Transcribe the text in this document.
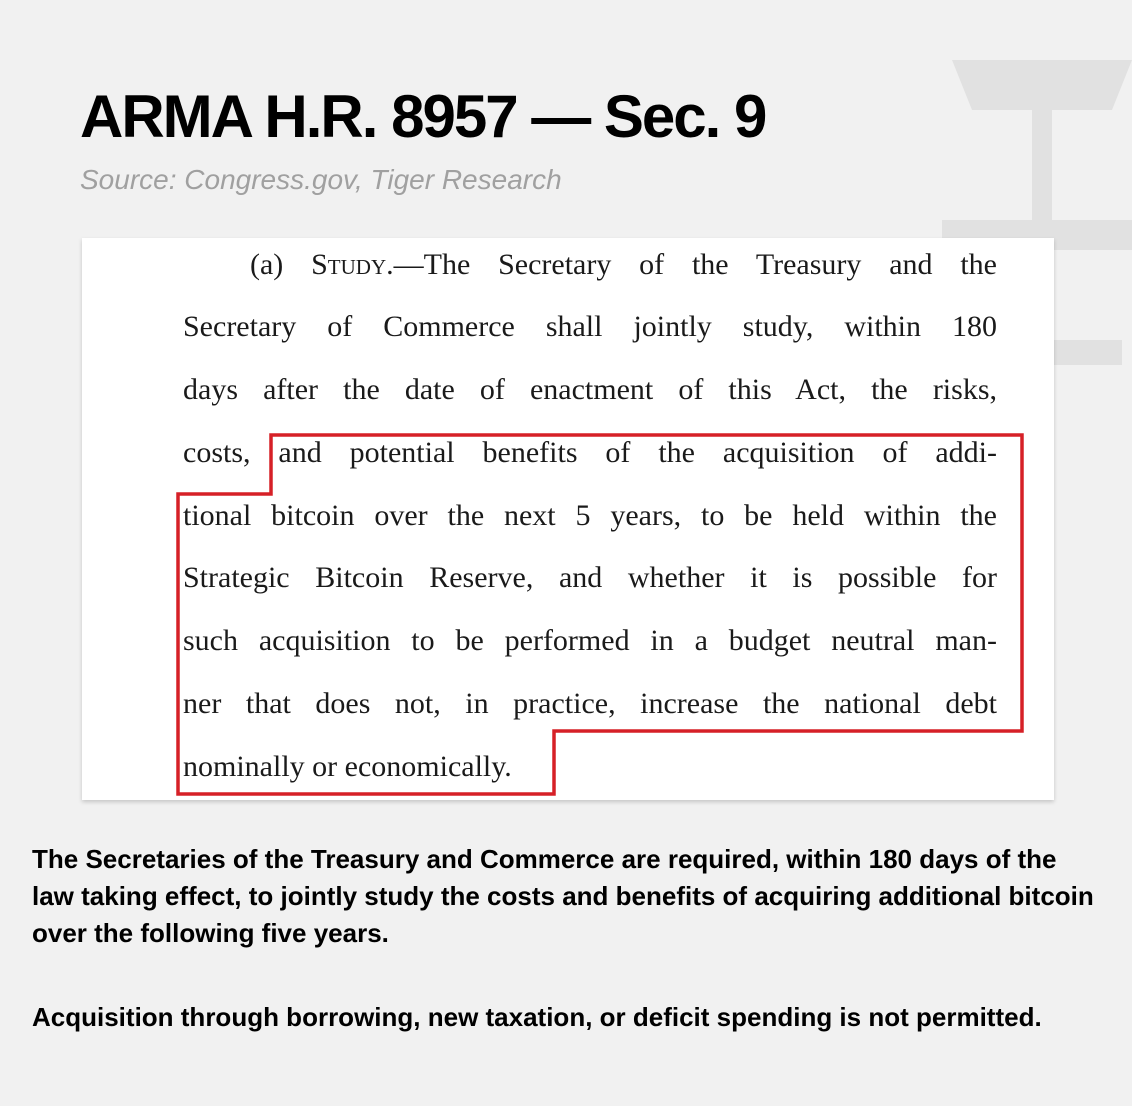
ARMA H.R. 8957 — Sec. 9
Source: Congress.gov, Tiger Research
(a) Study.—The Secretary of the Treasury and the
Secretary of Commerce shall jointly study, within 180
days after the date of enactment of this Act, the risks,
costs, and potential benefits of the acquisition of addi-
tional bitcoin over the next 5 years, to be held within the
Strategic Bitcoin Reserve, and whether it is possible for
such acquisition to be performed in a budget neutral man-
ner that does not, in practice, increase the national debt
nominally or economically.

The Secretaries of the Treasury and Commerce are required, within 180 days of the law taking effect, to jointly study the costs and benefits of acquiring additional bitcoin over the following five years.

Acquisition through borrowing, new taxation, or deficit spending is not permitted.
